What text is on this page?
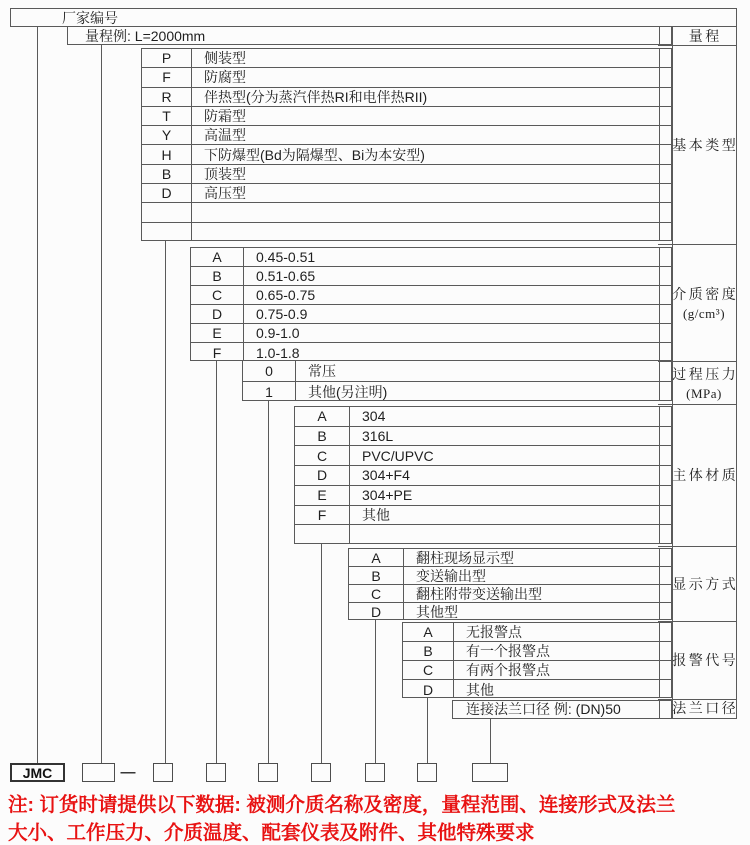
厂家编号
量程例: L=2000mm
连接法兰口径 例: (DN)50
P	侧装型
F	防腐型
R	伴热型(分为蒸汽伴热RI和电伴热RII)
T	防霜型
Y	高温型
H	下防爆型(Bd为隔爆型、Bi为本安型)
B	顶装型
D	高压型
A	0.45-0.51
B	0.51-0.65
C	0.65-0.75
D	0.75-0.9
E	0.9-1.0
F	1.0-1.8
0	常压
1	其他(另注明)
A	304
B	316L
C	PVC/UPVC
D	304+F4
E	304+PE
F	其他
A	翻柱现场显示型
B	变送输出型
C	翻柱附带变送输出型
D	其他型
A	无报警点
B	有一个报警点
C	有两个报警点
D	其他
量程
基本类型
介质密度
(g/cm³)
过程压力
(MPa)
主体材质
显示方式
报警代号
法兰口径
JMC	—
注: 订货时请提供以下数据: 被测介质名称及密度，量程范围、连接形式及法兰
大小、工作压力、介质温度、配套仪表及附件、其他特殊要求
